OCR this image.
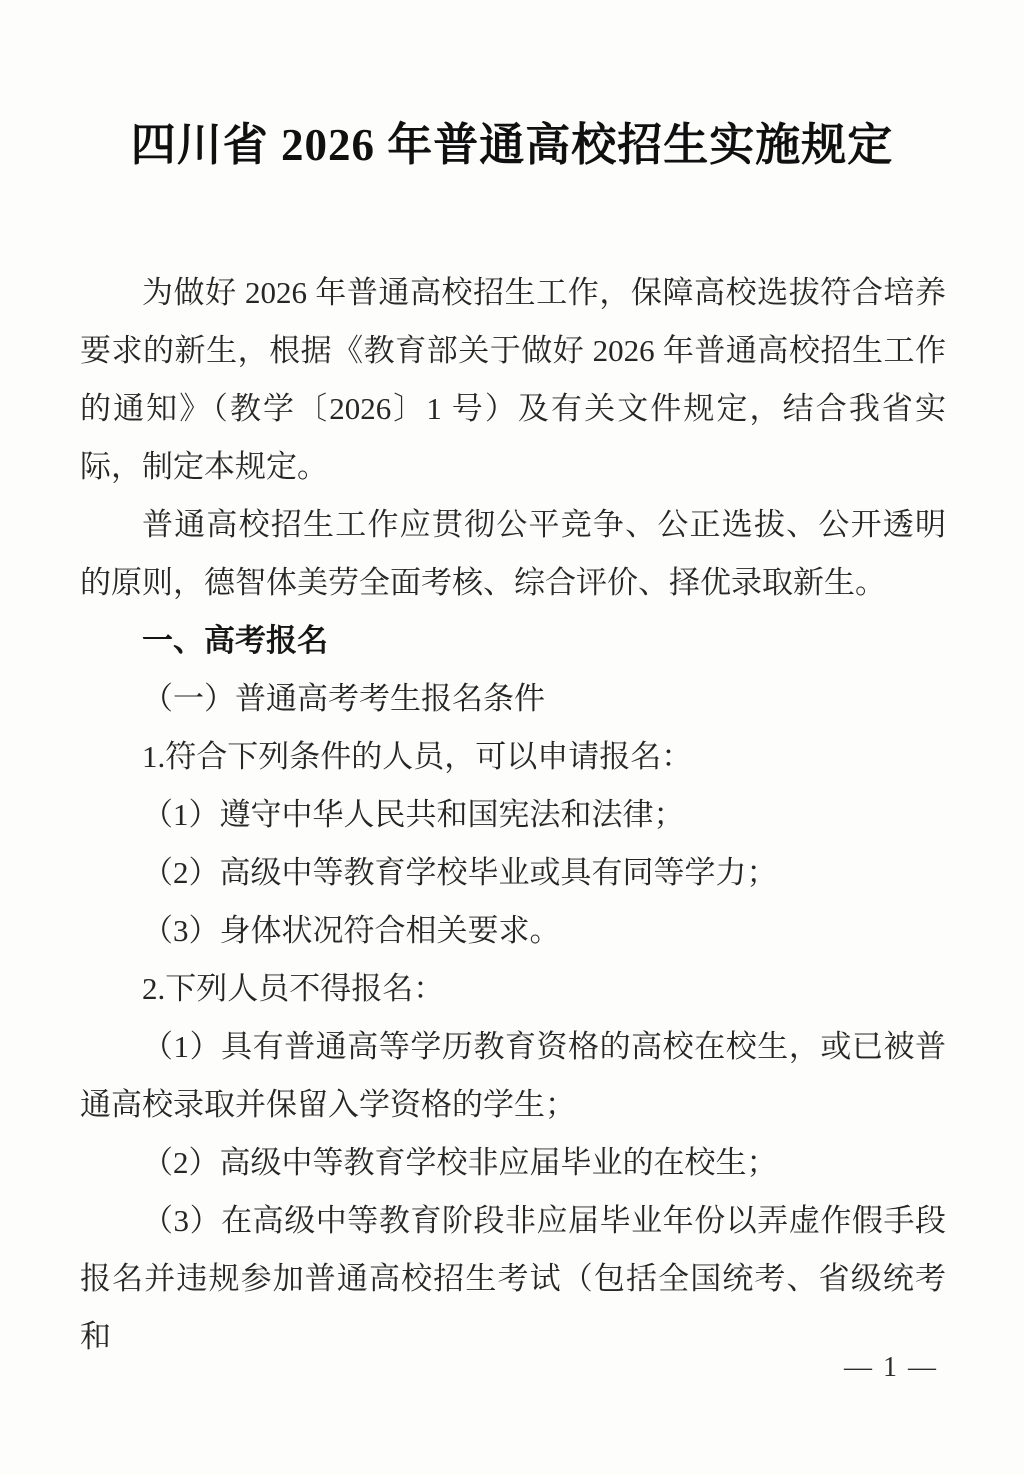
四川省 2026 年普通高校招生实施规定

为做好 2026 年普通高校招生工作，保障高校选拔符合培养要求的新生，根据《教育部关于做好 2026 年普通高校招生工作的通知》（教学〔2026〕1 号）及有关文件规定，结合我省实际，制定本规定。

普通高校招生工作应贯彻公平竞争、公正选拔、公开透明的原则，德智体美劳全面考核、综合评价、择优录取新生。

一、高考报名

（一）普通高考考生报名条件

1.符合下列条件的人员，可以申请报名：

（1）遵守中华人民共和国宪法和法律；

（2）高级中等教育学校毕业或具有同等学力；

（3）身体状况符合相关要求。

2.下列人员不得报名：

（1）具有普通高等学历教育资格的高校在校生，或已被普通高校录取并保留入学资格的学生；

（2）高级中等教育学校非应届毕业的在校生；

（3）在高级中等教育阶段非应届毕业年份以弄虚作假手段报名并违规参加普通高校招生考试（包括全国统考、省级统考和

— 1 —
